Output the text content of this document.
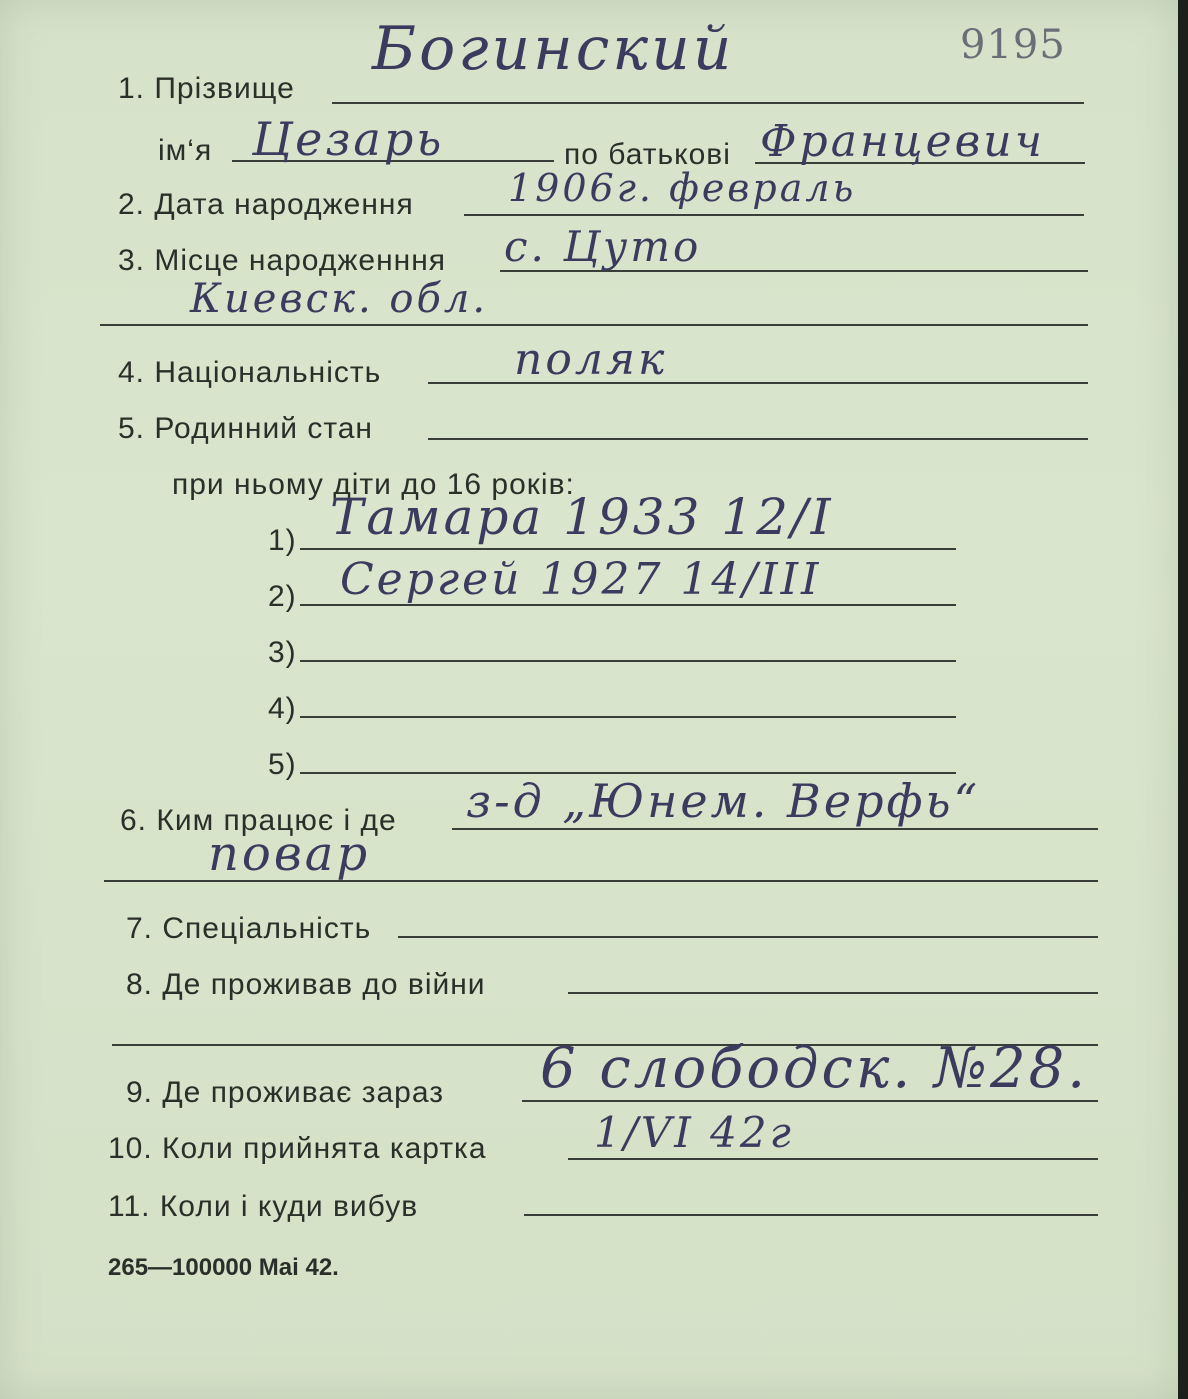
1. Прізвище
Богинский	9195
ім‘я Цезарь	по батькові Францевич
2. Дата народження 1906г. февраль
3. Місце народженння с. Цуто
Киевск. обл.
4. Національність	поляк
5. Родинний стан
при ньому діти до 16 років:
1) Тамара 1933 12/I
2) Сергей 1927 14/III
3)
4)
5)
6. Ким працює і де з-д „Юнем. Верфь“
повар
7. Спеціальність
8. Де проживав до війни
9. Де проживає зараз 6 слободск. №28.
10. Коли прийнята картка	1/VI 42г
11. Коли і куди вибув
265—100000 Mai 42.
